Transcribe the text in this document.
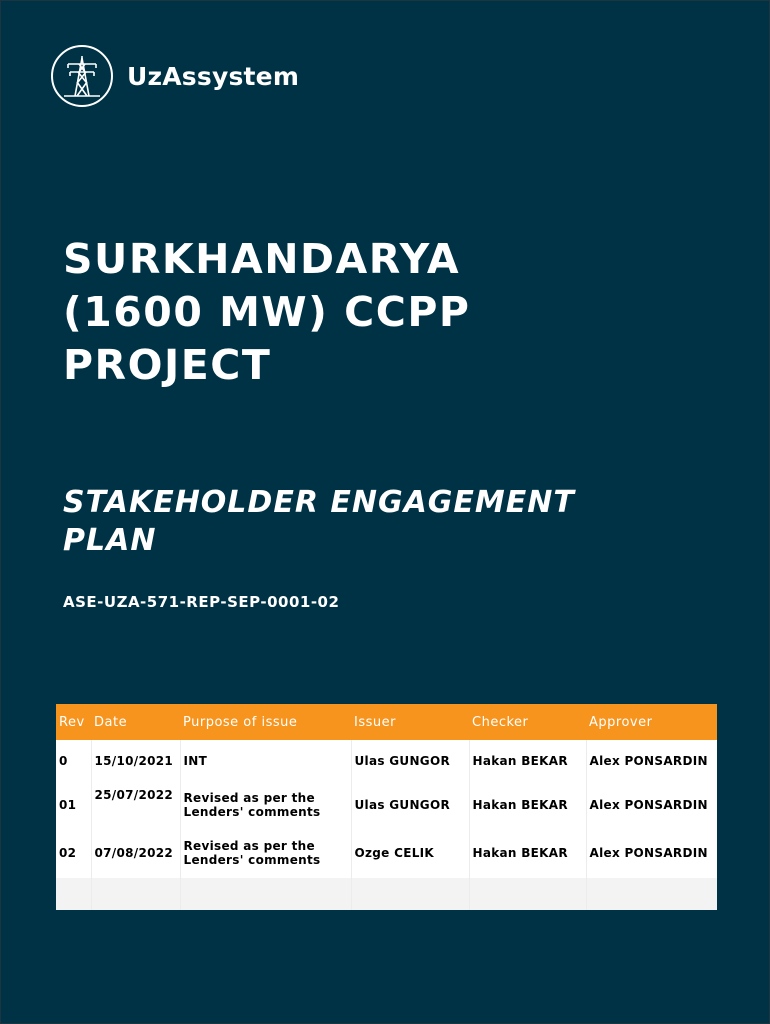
UzAssystem
SURKHANDARYA
(1600 MW) CCPP
PROJECT
STAKEHOLDER ENGAGEMENT
PLAN
ASE-UZA-571-REP-SEP-0001-02
Rev	Date	Purpose of issue	Issuer	Checker	Approver
0	15/10/2021	INT	Ulas GUNGOR	Hakan BEKAR	Alex PONSARDIN
01	25/07/2022	Revised as per the Lenders' comments	Ulas GUNGOR	Hakan BEKAR	Alex PONSARDIN
02	07/08/2022	Revised as per the Lenders' comments	Ozge CELIK	Hakan BEKAR	Alex PONSARDIN
